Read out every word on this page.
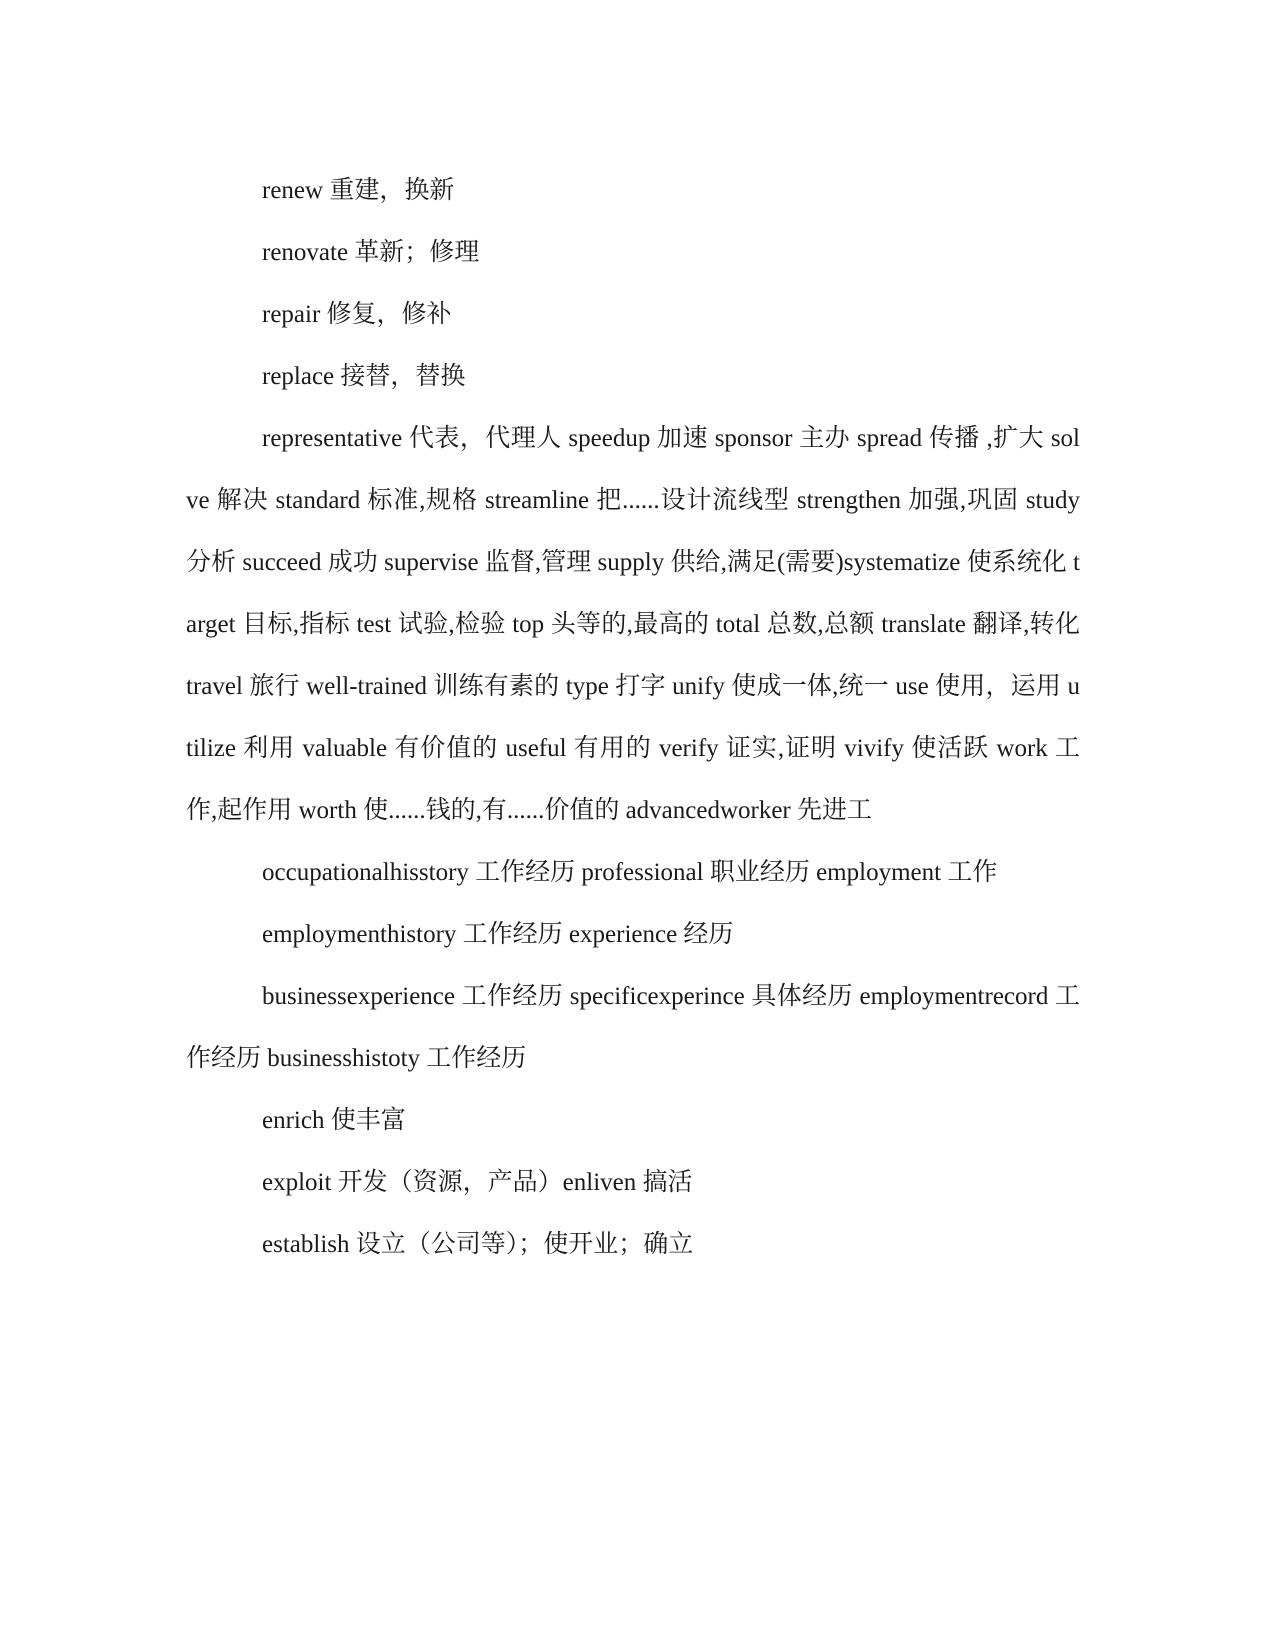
renew 重建，换新

renovate 革新；修理

repair 修复，修补

replace 接替，替换

representative 代表，代理人 speedup 加速 sponsor 主办 spread 传播 ,扩大 solve 解决 standard 标准,规格 streamline 把......设计流线型 strengthen 加强,巩固 study 分析 succeed 成功 supervise 监督,管理 supply 供给,满足(需要)systematize 使系统化 target 目标,指标 test 试验,检验 top 头等的,最高的 total 总数,总额 translate 翻译,转化 travel 旅行 well-trained 训练有素的 type 打字 unify 使成一体,统一 use 使用，运用 utilize 利用 valuable 有价值的 useful 有用的 verify 证实,证明 vivify 使活跃 work 工作,起作用 worth 使......钱的,有......价值的 advancedworker 先进工

occupationalhisstory 工作经历 professional 职业经历 employment 工作

employmenthistory 工作经历 experience 经历

businessexperience 工作经历 specificexperince 具体经历 employmentrecord 工作经历 businesshistoty 工作经历

enrich 使丰富

exploit 开发（资源，产品）enliven 搞活

establish 设立（公司等）；使开业；确立
